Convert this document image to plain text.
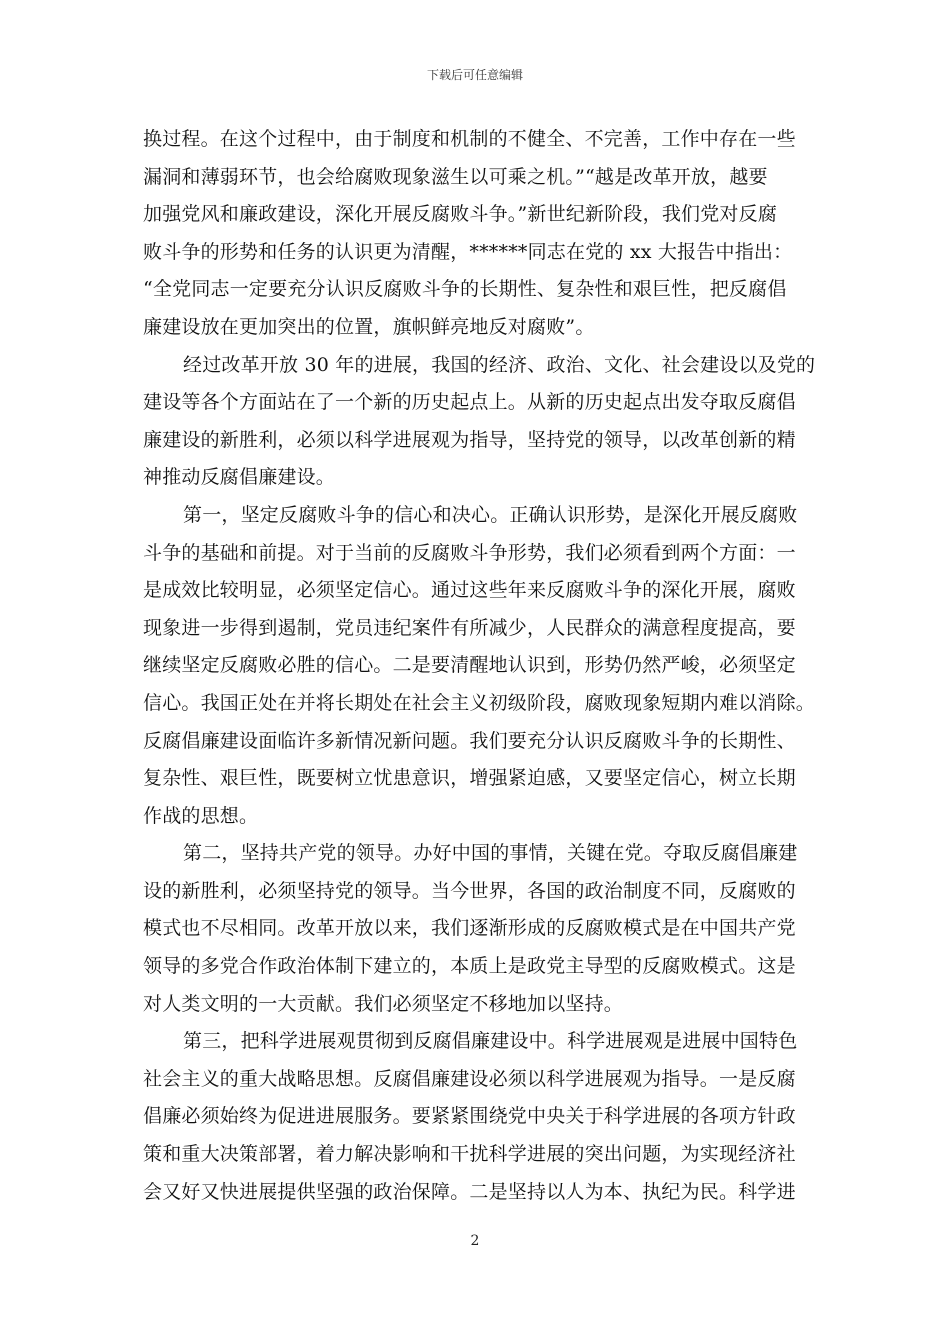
下载后可任意编辑
换过程。在这个过程中，由于制度和机制的不健全、不完善，工作中存在一些
漏洞和薄弱环节，也会给腐败现象滋生以可乘之机。”“越是改革开放，越要
加强党风和廉政建设，深化开展反腐败斗争。”新世纪新阶段，我们党对反腐
败斗争的形势和任务的认识更为清醒，******同志在党的 xx 大报告中指出：
“全党同志一定要充分认识反腐败斗争的长期性、复杂性和艰巨性，把反腐倡
廉建设放在更加突出的位置，旗帜鲜亮地反对腐败”。
经过改革开放 30 年的进展，我国的经济、政治、文化、社会建设以及党的
建设等各个方面站在了一个新的历史起点上。从新的历史起点出发夺取反腐倡
廉建设的新胜利，必须以科学进展观为指导，坚持党的领导，以改革创新的精
神推动反腐倡廉建设。
第一，坚定反腐败斗争的信心和决心。正确认识形势，是深化开展反腐败
斗争的基础和前提。对于当前的反腐败斗争形势，我们必须看到两个方面：一
是成效比较明显，必须坚定信心。通过这些年来反腐败斗争的深化开展，腐败
现象进一步得到遏制，党员违纪案件有所减少，人民群众的满意程度提高，要
继续坚定反腐败必胜的信心。二是要清醒地认识到，形势仍然严峻，必须坚定
信心。我国正处在并将长期处在社会主义初级阶段，腐败现象短期内难以消除。
反腐倡廉建设面临许多新情况新问题。我们要充分认识反腐败斗争的长期性、
复杂性、艰巨性，既要树立忧患意识，增强紧迫感，又要坚定信心，树立长期
作战的思想。
第二，坚持共产党的领导。办好中国的事情，关键在党。夺取反腐倡廉建
设的新胜利，必须坚持党的领导。当今世界，各国的政治制度不同，反腐败的
模式也不尽相同。改革开放以来，我们逐渐形成的反腐败模式是在中国共产党
领导的多党合作政治体制下建立的，本质上是政党主导型的反腐败模式。这是
对人类文明的一大贡献。我们必须坚定不移地加以坚持。
第三，把科学进展观贯彻到反腐倡廉建设中。科学进展观是进展中国特色
社会主义的重大战略思想。反腐倡廉建设必须以科学进展观为指导。一是反腐
倡廉必须始终为促进进展服务。要紧紧围绕党中央关于科学进展的各项方针政
策和重大决策部署，着力解决影响和干扰科学进展的突出问题，为实现经济社
会又好又快进展提供坚强的政治保障。二是坚持以人为本、执纪为民。科学进
2
